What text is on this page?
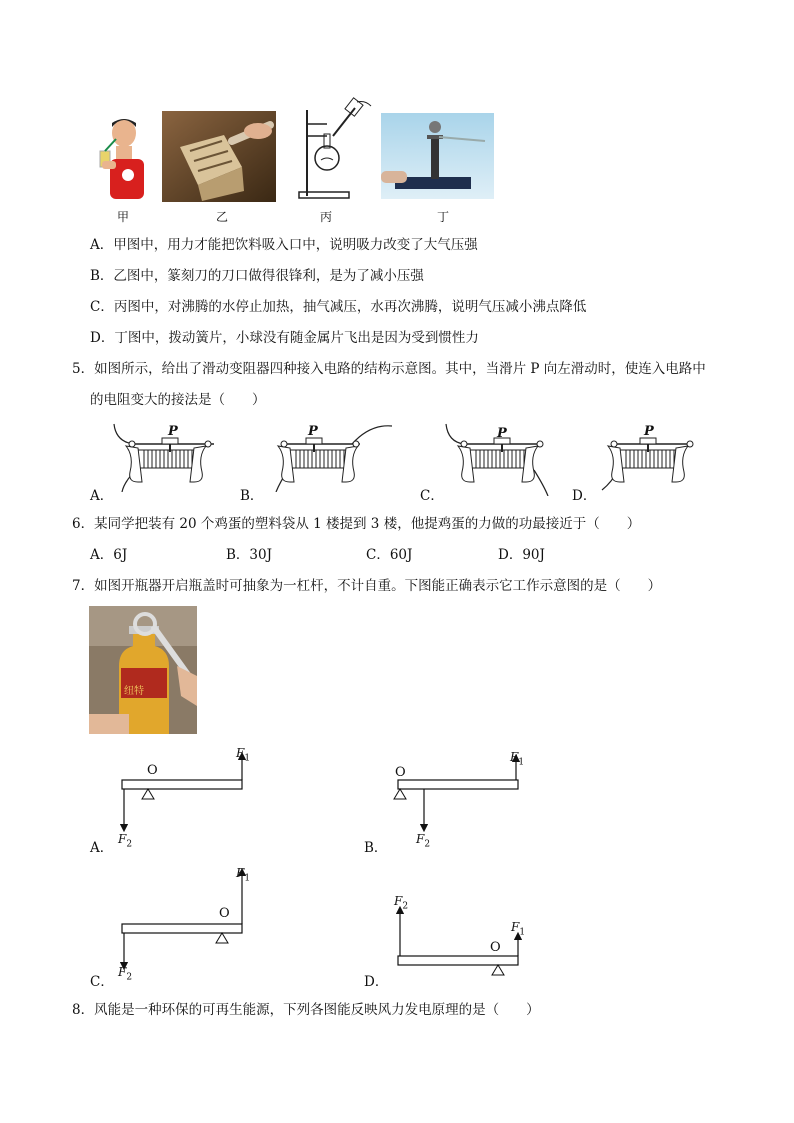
甲	乙	丙	丁
A．甲图中，用力才能把饮料吸入口中，说明吸力改变了大气压强
B．乙图中，篆刻刀的刀口做得很锋利，是为了减小压强
C．丙图中，对沸腾的水停止加热，抽气减压，水再次沸腾，说明气压减小沸点降低
D．丁图中，拨动簧片，小球没有随金属片飞出是因为受到惯性力
5．如图所示，给出了滑动变阻器四种接入电路的结构示意图。其中，当滑片 P 向左滑动时，使连入电路中
的电阻变大的接法是（　　）
P
A．
P
B．
P
C．
P
D．
6．某同学把装有 20 个鸡蛋的塑料袋从 1 楼提到 3 楼，他提鸡蛋的力做的功最接近于（　　）
A．6J	B．30J	C．60J	D．90J
7．如图开瓶器开启瓶盖时可抽象为一杠杆，不计自重。下图能正确表示它工作示意图的是（　　）
纽特
O
$F_1$
$F_2$
A．
O
$F_1$
$F_2$
B．
O
$F_1$
$F_2$
C．
O
$F_1$
$F_2$
D．
8．风能是一种环保的可再生能源，下列各图能反映风力发电原理的是（　　）
